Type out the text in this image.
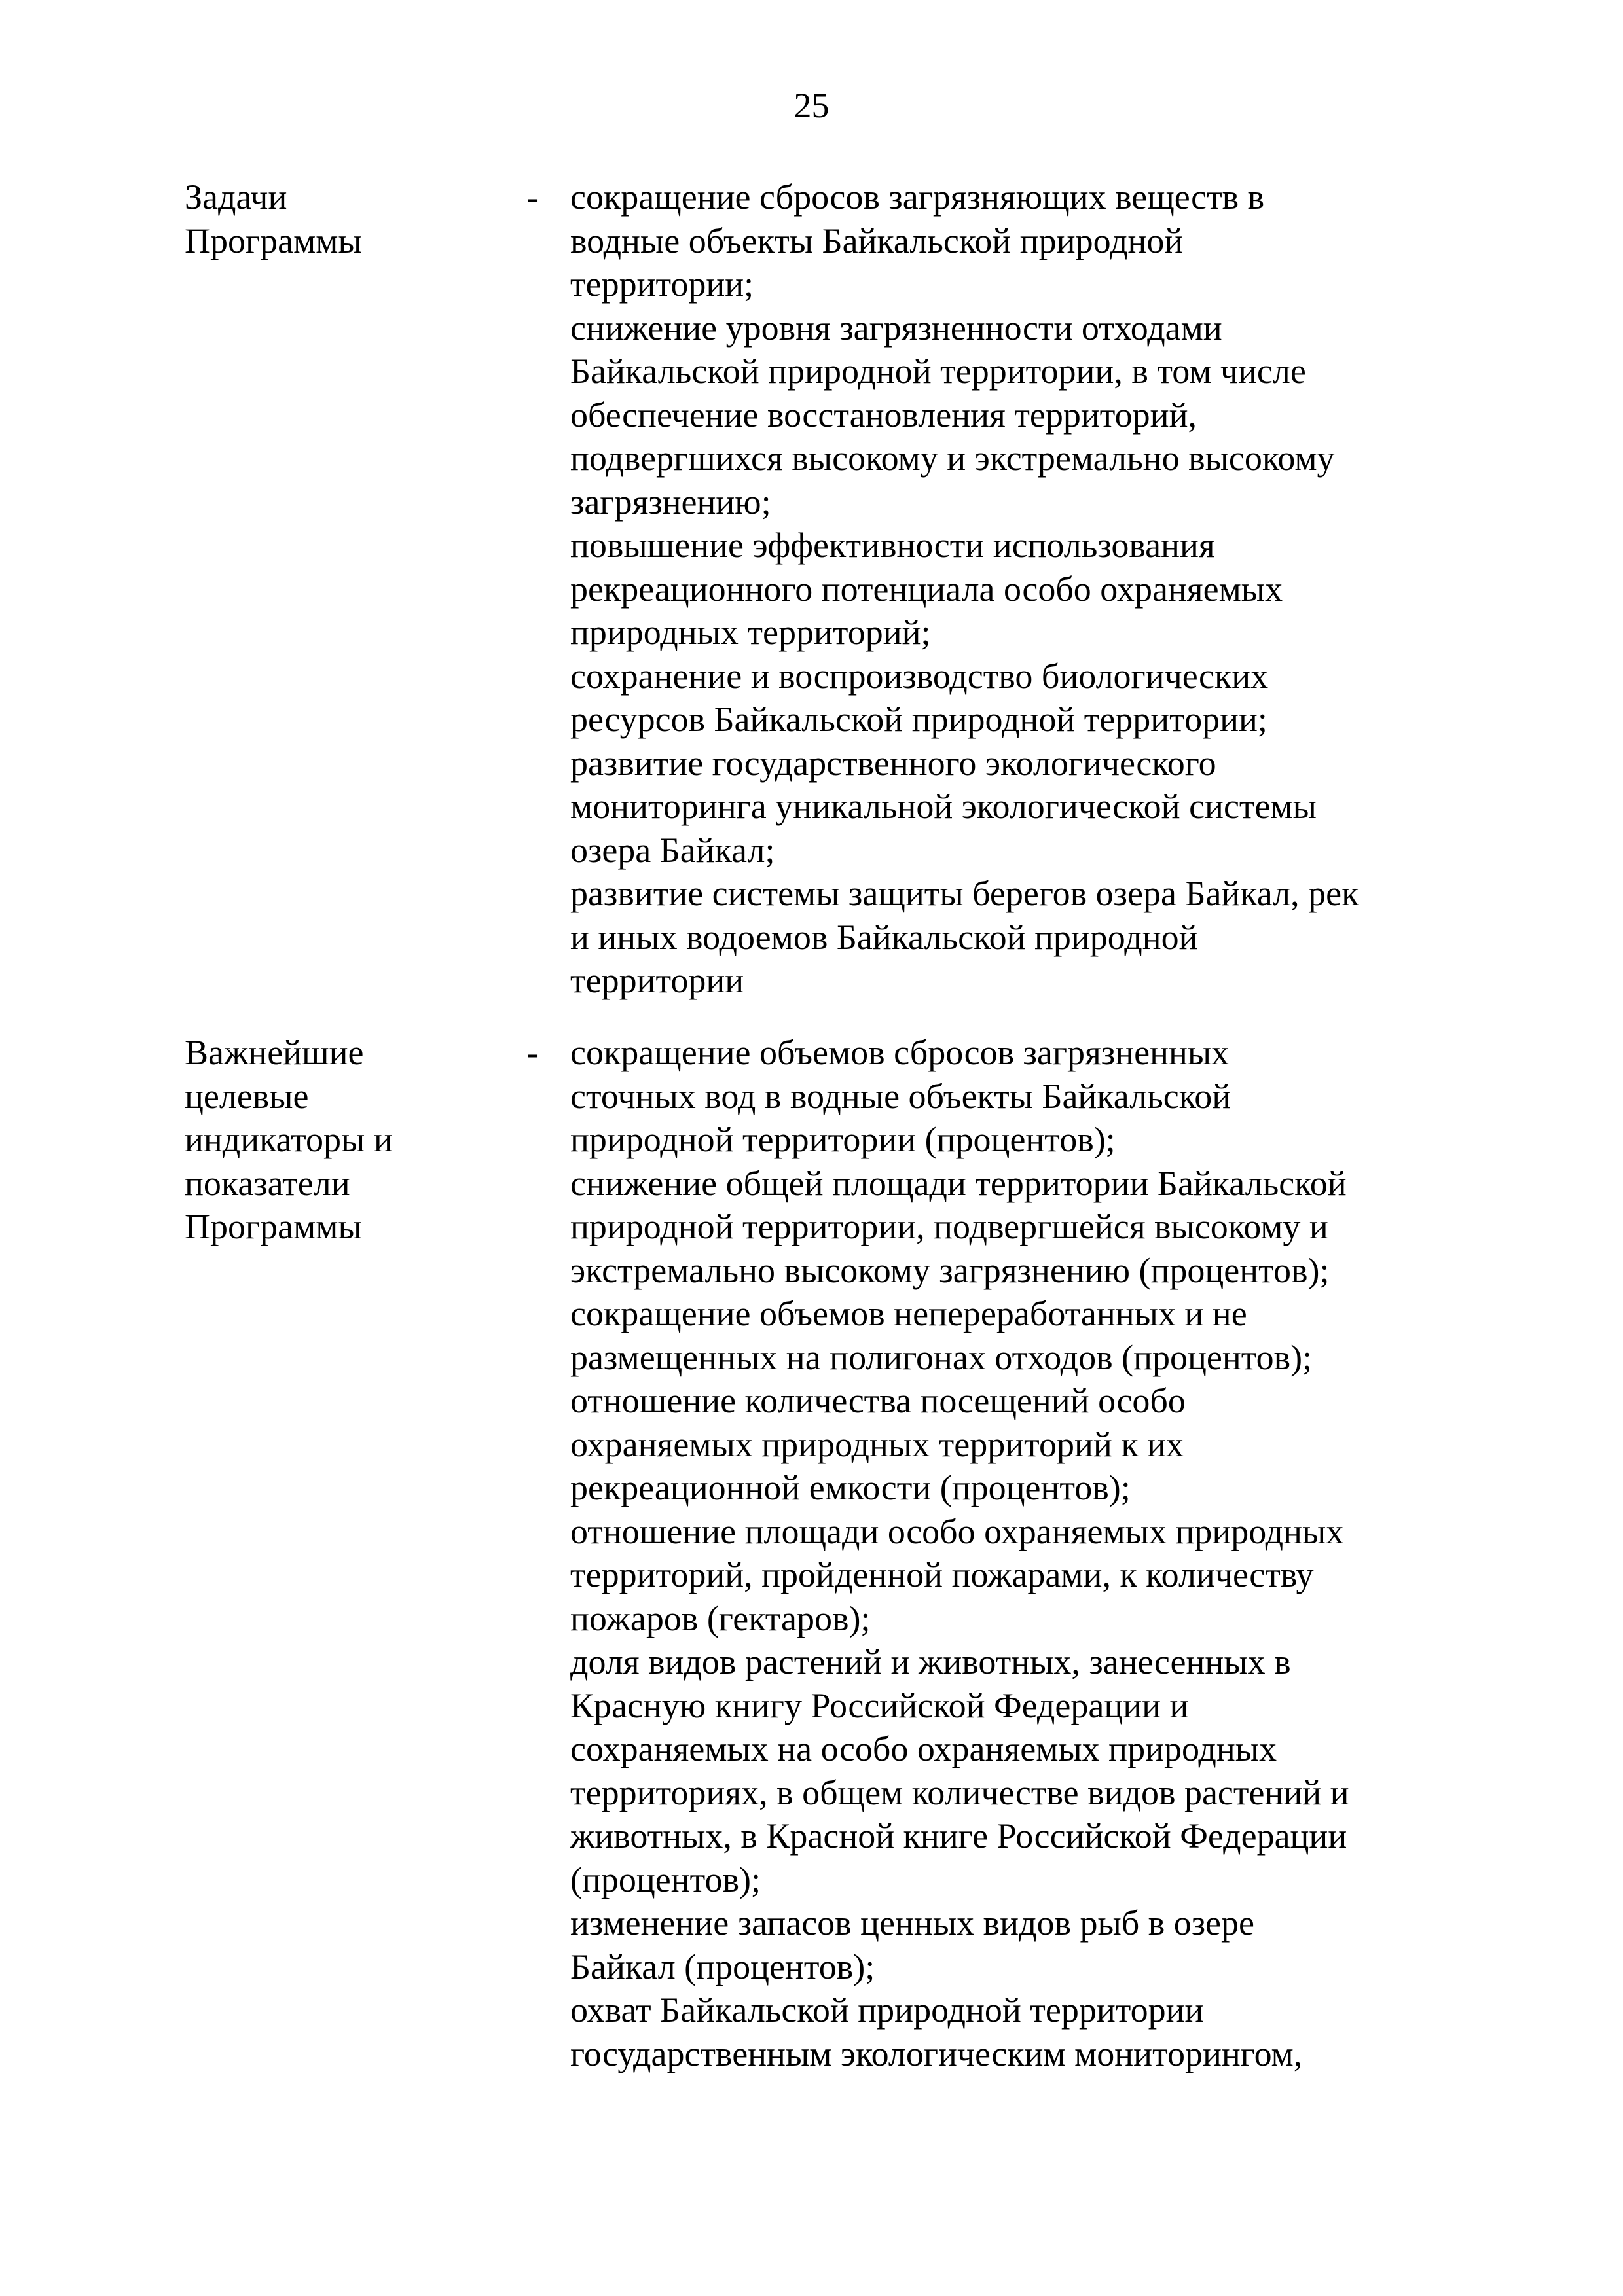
25
Задачи
Программы
- сокращение сбросов загрязняющих веществ в
водные объекты Байкальской природной
территории;
снижение уровня загрязненности отходами
Байкальской природной территории, в том числе
обеспечение восстановления территорий,
подвергшихся высокому и экстремально высокому
загрязнению;
повышение эффективности использования
рекреационного потенциала особо охраняемых
природных территорий;
сохранение и воспроизводство биологических
ресурсов Байкальской природной территории;
развитие государственного экологического
мониторинга уникальной экологической системы
озера Байкал;
развитие системы защиты берегов озера Байкал, рек
и иных водоемов Байкальской природной
территории
Важнейшие
целевые
индикаторы и
показатели
Программы
- сокращение объемов сбросов загрязненных
сточных вод в водные объекты Байкальской
природной территории (процентов);
снижение общей площади территории Байкальской
природной территории, подвергшейся высокому и
экстремально высокому загрязнению (процентов);
сокращение объемов непереработанных и не
размещенных на полигонах отходов (процентов);
отношение количества посещений особо
охраняемых природных территорий к их
рекреационной емкости (процентов);
отношение площади особо охраняемых природных
территорий, пройденной пожарами, к количеству
пожаров (гектаров);
доля видов растений и животных, занесенных в
Красную книгу Российской Федерации и
сохраняемых на особо охраняемых природных
территориях, в общем количестве видов растений и
животных, в Красной книге Российской Федерации
(процентов);
изменение запасов ценных видов рыб в озере
Байкал (процентов);
охват Байкальской природной территории
государственным экологическим мониторингом,
